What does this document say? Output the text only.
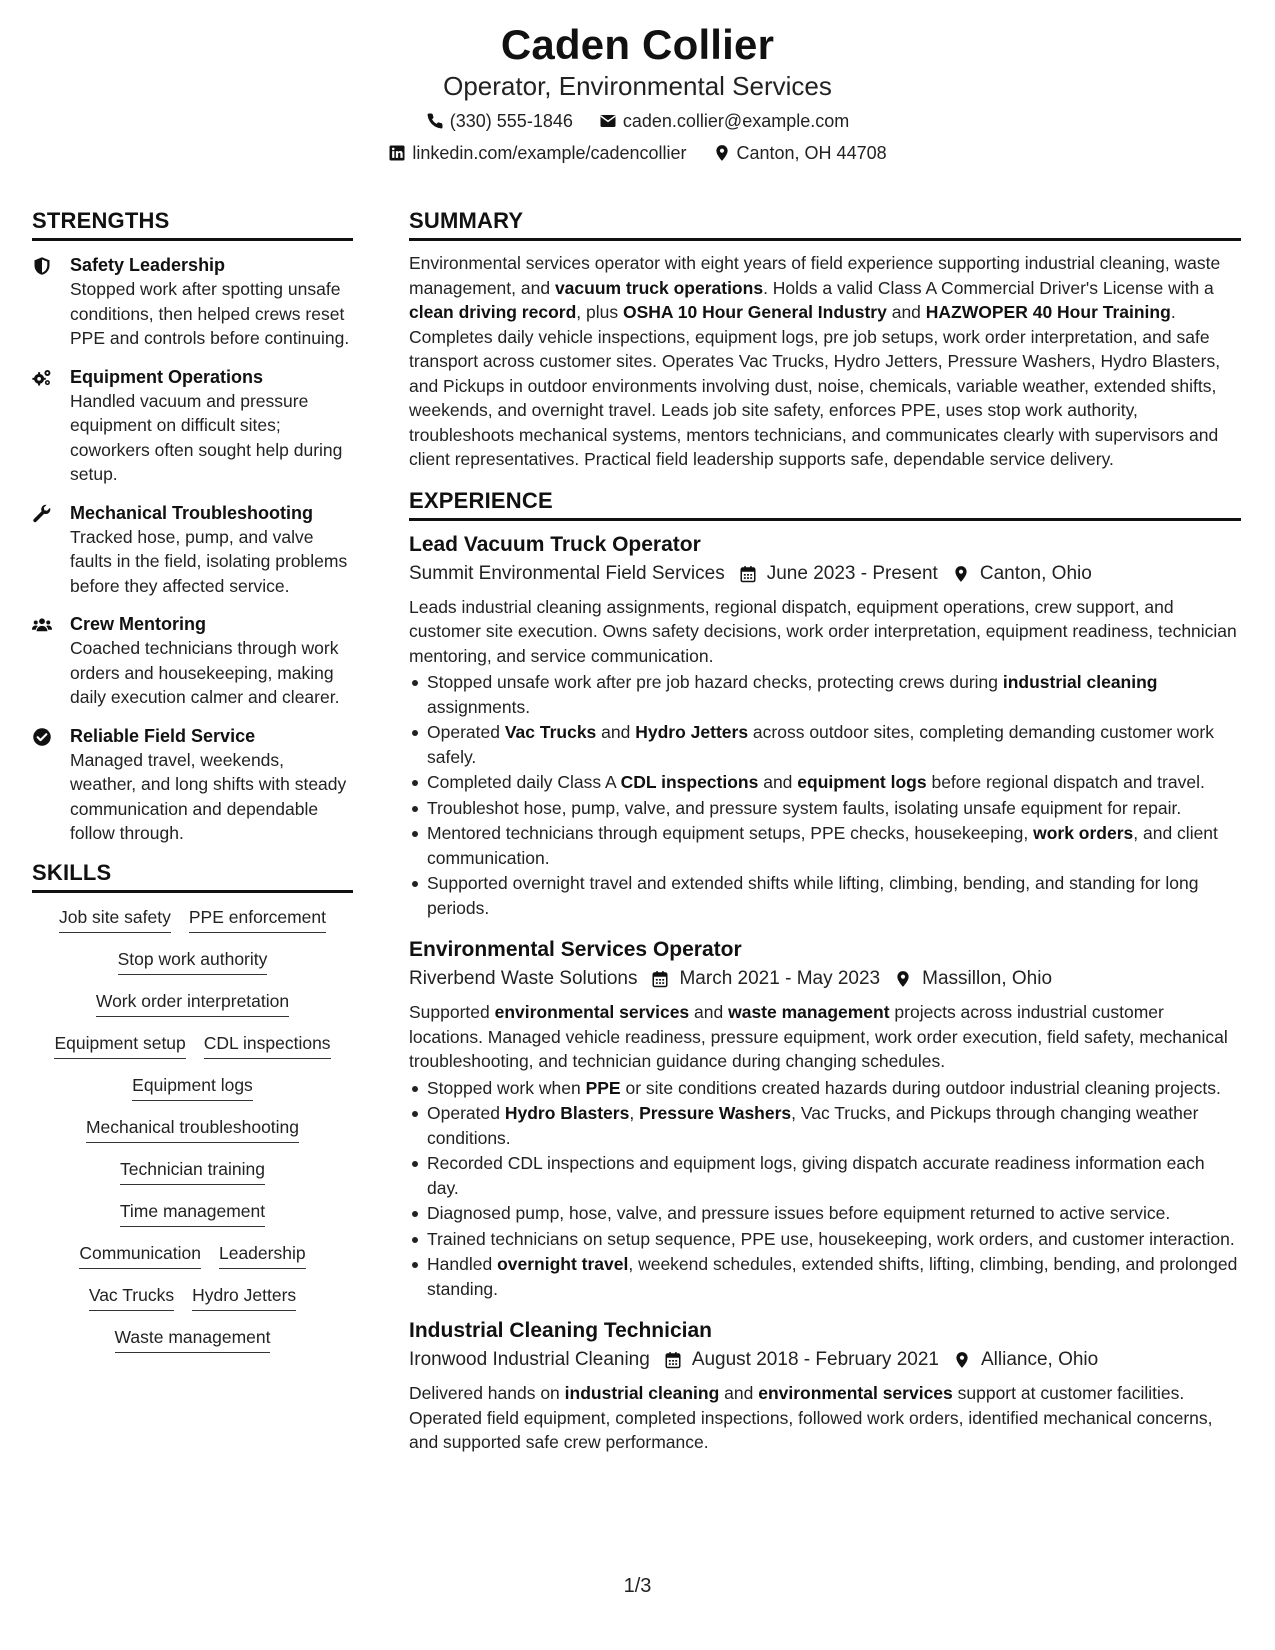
Caden Collier
Operator, Environmental Services
(330) 555-1846	caden.collier@example.com
linkedin.com/example/cadencollier	Canton, OH 44708
STRENGTHS
Safety Leadership
Stopped work after spotting unsafe conditions, then helped crews reset PPE and controls before continuing.
Equipment Operations
Handled vacuum and pressure equipment on difficult sites; coworkers often sought help during setup.
Mechanical Troubleshooting
Tracked hose, pump, and valve faults in the field, isolating problems before they affected service.
Crew Mentoring
Coached technicians through work orders and housekeeping, making daily execution calmer and clearer.
Reliable Field Service
Managed travel, weekends, weather, and long shifts with steady communication and dependable follow through.
SKILLS
Job site safety PPE enforcement
Stop work authority
Work order interpretation
Equipment setup CDL inspections
Equipment logs
Mechanical troubleshooting
Technician training
Time management
Communication Leadership
Vac Trucks Hydro Jetters
Waste management
SUMMARY
Environmental services operator with eight years of field experience supporting industrial cleaning, waste management, and vacuum truck operations. Holds a valid Class A Commercial Driver's License with a clean driving record, plus OSHA 10 Hour General Industry and HAZWOPER 40 Hour Training. Completes daily vehicle inspections, equipment logs, pre job setups, work order interpretation, and safe transport across customer sites. Operates Vac Trucks, Hydro Jetters, Pressure Washers, Hydro Blasters, and Pickups in outdoor environments involving dust, noise, chemicals, variable weather, extended shifts, weekends, and overnight travel. Leads job site safety, enforces PPE, uses stop work authority, troubleshoots mechanical systems, mentors technicians, and communicates clearly with supervisors and client representatives. Practical field leadership supports safe, dependable service delivery.
EXPERIENCE
Lead Vacuum Truck Operator
Summit Environmental Field Services June 2023 - Present Canton, Ohio
Leads industrial cleaning assignments, regional dispatch, equipment operations, crew support, and customer site execution. Owns safety decisions, work order interpretation, equipment readiness, technician mentoring, and service communication.
Stopped unsafe work after pre job hazard checks, protecting crews during industrial cleaning assignments.
Operated Vac Trucks and Hydro Jetters across outdoor sites, completing demanding customer work safely.
Completed daily Class A CDL inspections and equipment logs before regional dispatch and travel.
Troubleshot hose, pump, valve, and pressure system faults, isolating unsafe equipment for repair.
Mentored technicians through equipment setups, PPE checks, housekeeping, work orders, and client communication.
Supported overnight travel and extended shifts while lifting, climbing, bending, and standing for long periods.
Environmental Services Operator
Riverbend Waste Solutions March 2021 - May 2023 Massillon, Ohio
Supported environmental services and waste management projects across industrial customer locations. Managed vehicle readiness, pressure equipment, work order execution, field safety, mechanical troubleshooting, and technician guidance during changing schedules.
Stopped work when PPE or site conditions created hazards during outdoor industrial cleaning projects.
Operated Hydro Blasters, Pressure Washers, Vac Trucks, and Pickups through changing weather conditions.
Recorded CDL inspections and equipment logs, giving dispatch accurate readiness information each day.
Diagnosed pump, hose, valve, and pressure issues before equipment returned to active service.
Trained technicians on setup sequence, PPE use, housekeeping, work orders, and customer interaction.
Handled overnight travel, weekend schedules, extended shifts, lifting, climbing, bending, and prolonged standing.
Industrial Cleaning Technician
Ironwood Industrial Cleaning August 2018 - February 2021 Alliance, Ohio
Delivered hands on industrial cleaning and environmental services support at customer facilities. Operated field equipment, completed inspections, followed work orders, identified mechanical concerns, and supported safe crew performance.
1/3
